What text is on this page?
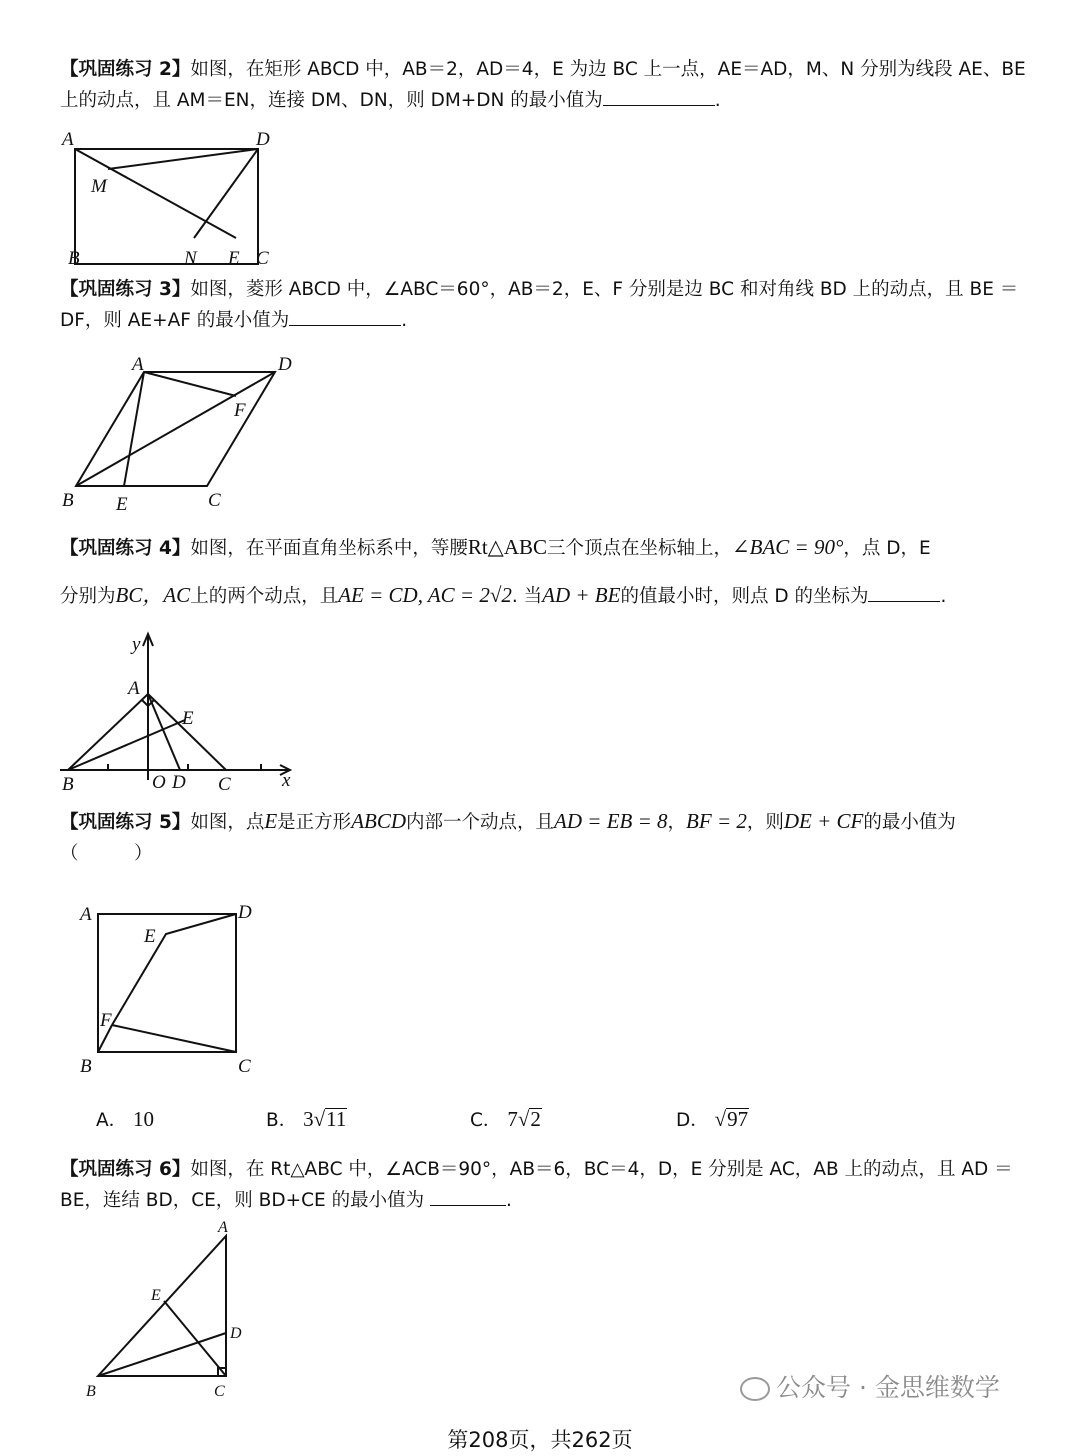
【巩固练习 2】如图，在矩形 ABCD 中，AB＝2，AD＝4，E 为边 BC 上一点，AE＝AD，M、N 分别为线段 AE、BE 上的动点，且 AM＝EN，连接 DM、DN，则 DM+DN 的最小值为	.

A	D
M
B	N E C

【巩固练习 3】如图，菱形 ABCD 中，∠ABC＝60°，AB＝2，E、F 分别是边 BC 和对角线 BD 上的动点，且 BE ＝DF，则 AE+AF 的最小值为	.

A	D
F
B E	C

【巩固练习 4】如图，在平面直角坐标系中，等腰Rt△ABC三个顶点在坐标轴上，∠BAC = 90°，点 D，E
分别为BC，AC上的两个动点，且AE = CD, AC = 2√2. 当AD + BE的值最小时，则点 D 的坐标为	.

y
A
E
B	O D C	x

【巩固练习 5】如图，点E是正方形ABCD内部一个动点，且AD = EB = 8，BF = 2，则DE + CF的最小值为（　　　）

A	D
E
F
B	C
A． 10	B． 3√11	C． 7√2	D． √97

【巩固练习 6】如图，在 Rt△ABC 中，∠ACB＝90°，AB＝6，BC＝4，D，E 分别是 AC，AB 上的动点，且 AD ＝BE，连结 BD，CE，则 BD+CE 的最小值为	.

A
E
D
B	C	公众号 · 金思维数学
第208页，共262页
